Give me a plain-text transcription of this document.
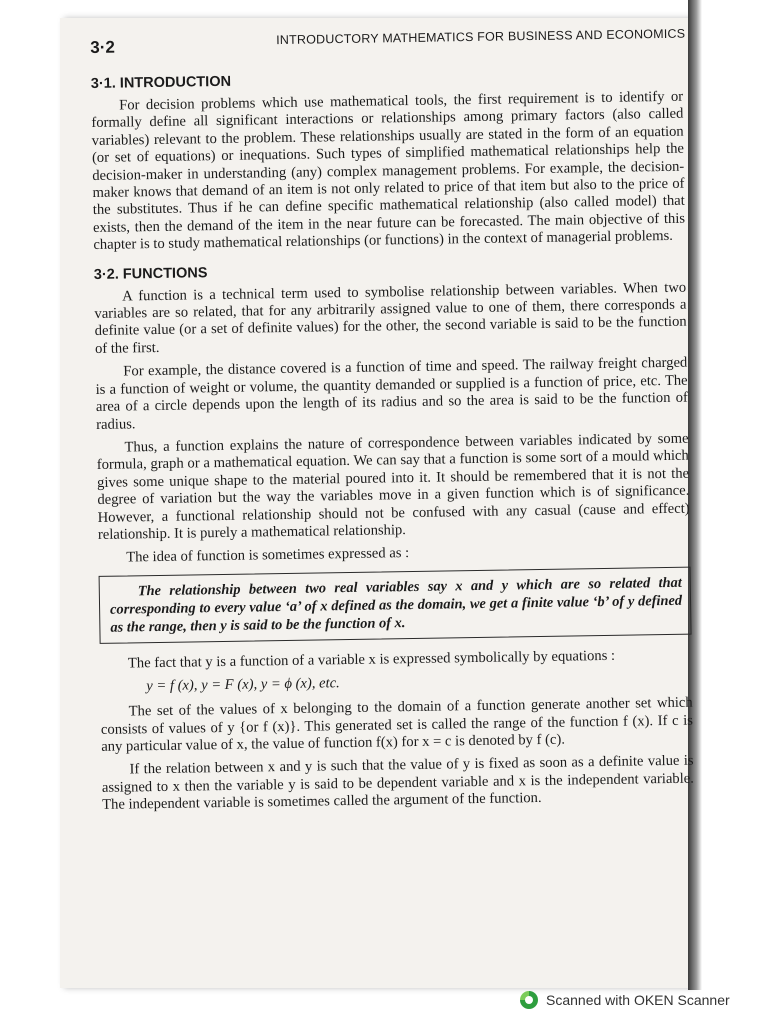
3·2
INTRODUCTORY MATHEMATICS FOR BUSINESS AND ECONOMICS
3·1. INTRODUCTION

For decision problems which use mathematical tools, the first requirement is to identify or formally define all significant interactions or relationships among primary factors (also called variables) relevant to the problem. These relationships usually are stated in the form of an equation (or set of equations) or inequations. Such types of simplified mathematical relationships help the decision-maker in understanding (any) complex management problems. For example, the decision-maker knows that demand of an item is not only related to price of that item but also to the price of the substitutes. Thus if he can define specific mathematical relationship (also called model) that exists, then the demand of the item in the near future can be forecasted. The main objective of this chapter is to study mathematical relationships (or functions) in the context of managerial problems.

3·2. FUNCTIONS

A function is a technical term used to symbolise relationship between variables. When two variables are so related, that for any arbitrarily assigned value to one of them, there corresponds a definite value (or a set of definite values) for the other, the second variable is said to be the function of the first.

For example, the distance covered is a function of time and speed. The railway freight charged is a function of weight or volume, the quantity demanded or supplied is a function of price, etc. The area of a circle depends upon the length of its radius and so the area is said to be the function of radius.

Thus, a function explains the nature of correspondence between variables indicated by some formula, graph or a mathematical equation. We can say that a function is some sort of a mould which gives some unique shape to the material poured into it. It should be remembered that it is not the degree of variation but the way the variables move in a given function which is of significance. However, a functional relationship should not be confused with any casual (cause and effect) relationship. It is purely a mathematical relationship.

The idea of function is sometimes expressed as :

The relationship between two real variables say x and y which are so related that corresponding to every value ‘a’ of x defined as the domain, we get a finite value ‘b’ of y defined as the range, then y is said to be the function of x.

The fact that y is a function of a variable x is expressed symbolically by equations :

y = f (x), y = F (x), y = ϕ (x), etc.

The set of the values of x belonging to the domain of a function generate another set which consists of values of y {or f (x)}. This generated set is called the range of the function f (x). If c is any particular value of x, the value of function f(x) for x = c is denoted by f (c).

If the relation between x and y is such that the value of y is fixed as soon as a definite value is assigned to x then the variable y is said to be dependent variable and x is the independent variable. The independent variable is sometimes called the argument of the function.

Scanned with OKEN Scanner
